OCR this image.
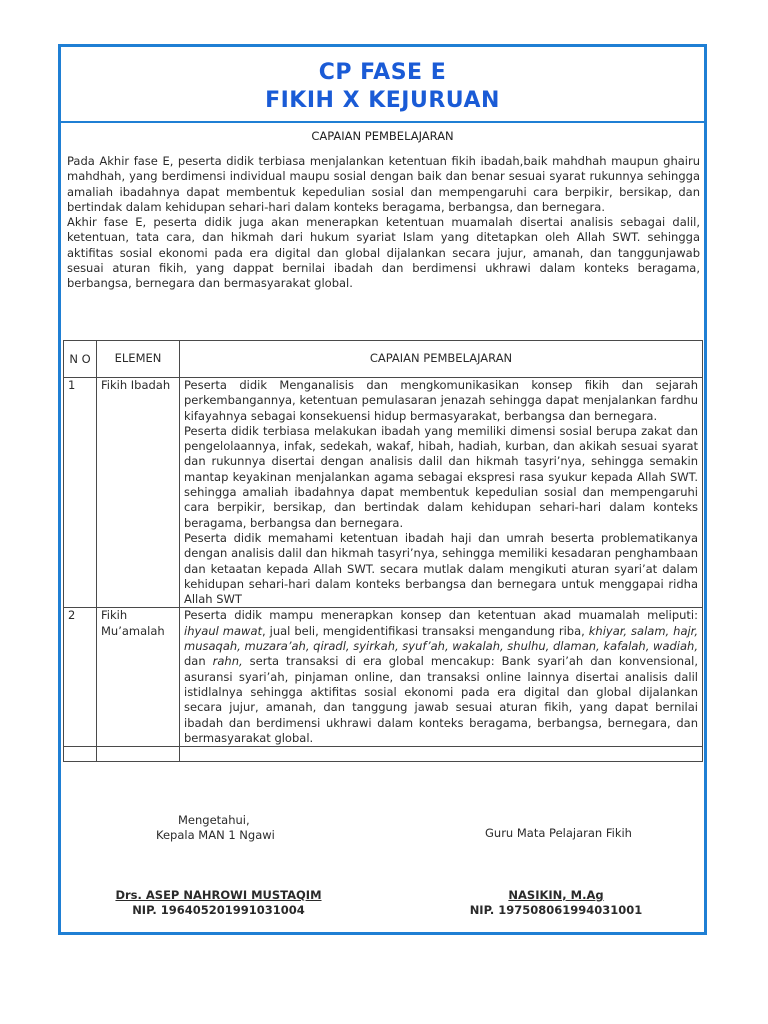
CP FASE E
FIKIH X KEJURUAN
CAPAIAN PEMBELAJARAN

Pada Akhir fase E, peserta didik terbiasa menjalankan ketentuan fikih ibadah,baik mahdhah maupun ghairu mahdhah, yang berdimensi individual maupu sosial dengan baik dan benar sesuai syarat rukunnya sehingga amaliah ibadahnya dapat membentuk kepedulian sosial dan mempengaruhi cara berpikir, bersikap, dan bertindak dalam kehidupan sehari-hari dalam konteks beragama, berbangsa, dan bernegara.

Akhir fase E, peserta didik juga akan menerapkan ketentuan muamalah disertai analisis sebagai dalil, ketentuan, tata cara, dan hikmah dari hukum syariat Islam yang ditetapkan oleh Allah SWT. sehingga aktifitas sosial ekonomi pada era digital dan global dijalankan secara jujur, amanah, dan tanggunjawab sesuai aturan fikih, yang dappat bernilai ibadah dan berdimensi ukhrawi dalam konteks beragama, berbangsa, bernegara dan bermasyarakat global.

N O	ELEMEN	CAPAIAN PEMBELAJARAN
1	Fikih Ibadah	Peserta didik Menganalisis dan mengkomunikasikan konsep fikih dan sejarah perkembangannya, ketentuan pemulasaran jenazah sehingga dapat menjalankan fardhu kifayahnya sebagai konsekuensi hidup bermasyarakat, berbangsa dan bernegara.

Peserta didik terbiasa melakukan ibadah yang memiliki dimensi sosial berupa zakat dan pengelolaannya, infak, sedekah, wakaf, hibah, hadiah, kurban, dan akikah sesuai syarat dan rukunnya disertai dengan analisis dalil dan hikmah tasyri’nya, sehingga semakin mantap keyakinan menjalankan agama sebagai ekspresi rasa syukur kepada Allah SWT. sehingga amaliah ibadahnya dapat membentuk kepedulian sosial dan mempengaruhi cara berpikir, bersikap, dan bertindak dalam kehidupan sehari-hari dalam konteks beragama, berbangsa dan bernegara.

Peserta didik memahami ketentuan ibadah haji dan umrah beserta problematikanya dengan analisis dalil dan hikmah tasyri’nya, sehingga memiliki kesadaran penghambaan dan ketaatan kepada Allah SWT. secara mutlak dalam mengikuti aturan syari’at dalam kehidupan sehari-hari dalam konteks berbangsa dan bernegara untuk menggapai ridha Allah SWT

2	Fikih Mu’amalah	Peserta didik mampu menerapkan konsep dan ketentuan akad muamalah meliputi: ihyaul mawat, jual beli, mengidentifikasi transaksi mengandung riba, khiyar, salam, hajr, musaqah, muzara’ah, qiradl, syirkah, syuf’ah, wakalah, shulhu, dlaman, kafalah, wadiah, dan rahn, serta transaksi di era global mencakup: Bank syari’ah dan konvensional, asuransi syari’ah, pinjaman online, dan transaksi online lainnya disertai analisis dalil istidlalnya sehingga aktifitas sosial ekonomi pada era digital dan global dijalankan secara jujur, amanah, dan tanggung jawab sesuai aturan fikih, yang dapat bernilai ibadah dan berdimensi ukhrawi dalam konteks beragama, berbangsa, bernegara, dan bermasyarakat global.

Mengetahui,
Kepala MAN 1 Ngawi	Guru Mata Pelajaran Fikih
Drs. ASEP NAHROWI MUSTAQIM
NIP. 196405201991031004
NASIKIN, M.Ag
NIP. 197508061994031001
